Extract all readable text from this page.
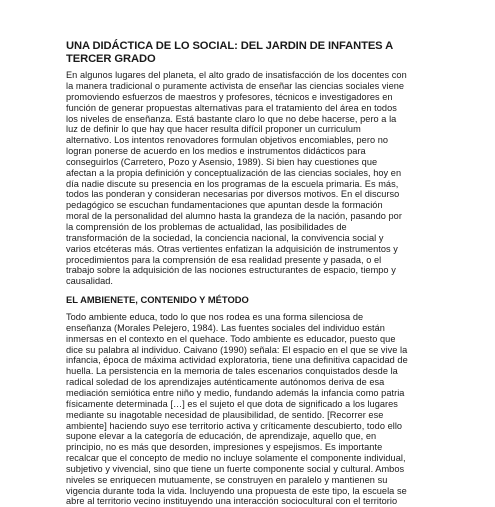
UNA DIDÁCTICA DE LO SOCIAL: DEL JARDIN DE INFANTES A
TERCER GRADO
En algunos lugares del planeta, el alto grado de insatisfacción de los docentes con
la manera tradicional o puramente activista de enseñar las ciencias sociales viene
promoviendo esfuerzos de maestros y profesores, técnicos e investigadores en
función de generar propuestas alternativas para el tratamiento del área en todos
los niveles de enseñanza. Está bastante claro lo que no debe hacerse, pero a la
luz de definir lo que hay que hacer resulta difícil proponer un curriculum
alternativo. Los intentos renovadores formulan objetivos encomiables, pero no
logran ponerse de acuerdo en los medios e instrumentos didácticos para
conseguirlos (Carretero, Pozo y Asensio, 1989). Si bien hay cuestiones que
afectan a la propia definición y conceptualización de las ciencias sociales, hoy en
día nadie discute su presencia en los programas de la escuela primaria. Es más,
todos las ponderan y consideran necesarias por diversos motivos. En el discurso
pedagógico se escuchan fundamentaciones que apuntan desde la formación
moral de la personalidad del alumno hasta la grandeza de la nación, pasando por
la comprensión de los problemas de actualidad, las posibilidades de
transformación de la sociedad, la conciencia nacional, la convivencia social y
varios etcéteras más. Otras vertientes enfatizan la adquisición de instrumentos y
procedimientos para la comprensión de esa realidad presente y pasada, o el
trabajo sobre la adquisición de las nociones estructurantes de espacio, tiempo y
causalidad.
EL AMBIENETE, CONTENIDO Y MÉTODO
Todo ambiente educa, todo lo que nos rodea es una forma silenciosa de
enseñanza (Morales Pelejero, 1984). Las fuentes sociales del individuo están
inmersas en el contexto en el quehace. Todo ambiente es educador, puesto que
dice su palabra al individuo. Caivano (1990) señala: El espacio en el que se vive la
infancia, época de máxima actividad exploratoria, tiene una definitiva capacidad de
huella. La persistencia en la memoria de tales escenarios conquistados desde la
radical soledad de los aprendizajes auténticamente autónomos deriva de esa
mediación semiótica entre niño y medio, fundando además la infancia como patria
físicamente determinada […] es el sujeto el que dota de significado a los lugares
mediante su inagotable necesidad de plausibilidad, de sentido. [Recorrer ese
ambiente] haciendo suyo ese territorio activa y críticamente descubierto, todo ello
supone elevar a la categoría de educación, de aprendizaje, aquello que, en
principio, no es más que desorden, impresiones y espejismos. Es importante
recalcar que el concepto de medio no incluye solamente el componente individual,
subjetivo y vivencial, sino que tiene un fuerte componente social y cultural. Ambos
niveles se enriquecen mutuamente, se construyen en paralelo y mantienen su
vigencia durante toda la vida. Incluyendo una propuesta de este tipo, la escuela se
abre al territorio vecino instituyendo una interacción sociocultural con el territorio
